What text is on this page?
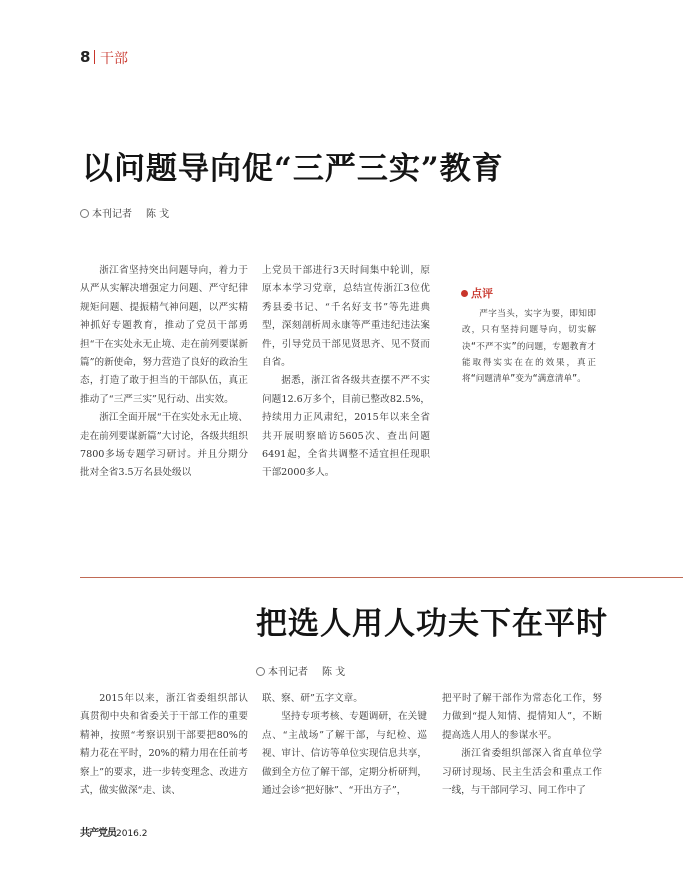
8 干部
以问题导向促“三严三实”教育
本刊记者 陈 戈

浙江省坚持突出问题导向，着力于从严从实解决增强定力问题、严守纪律规矩问题、提振精气神问题，以严实精神抓好专题教育，推动了党员干部勇担“干在实处永无止境、走在前列要谋新篇”的新使命，努力营造了良好的政治生态，打造了敢于担当的干部队伍，真正推动了“三严三实”见行动、出实效。

浙江全面开展“干在实处永无止境、走在前列要谋新篇”大讨论，各级共组织7800多场专题学习研讨。并且分期分批对全省3.5万名县处级以

上党员干部进行3天时间集中轮训，原原本本学习党章，总结宣传浙江3位优秀县委书记、“千名好支书”等先进典型，深刻剖析周永康等严重违纪违法案件，引导党员干部见贤思齐、见不贤而自省。

据悉，浙江省各级共查摆不严不实问题12.6万多个，目前已整改82.5%，持续用力正风肃纪，2015年以来全省共开展明察暗访5605次、查出问题6491起，全省共调整不适宜担任现职干部2000多人。

点评

严字当头，实字为要，即知即改，只有坚持问题导向，切实解决“不严不实”的问题，专题教育才能取得实实在在的效果，真正将“问题清单”变为“满意清单”。

把选人用人功夫下在平时
本刊记者 陈 戈

2015年以来，浙江省委组织部认真贯彻中央和省委关于干部工作的重要精神，按照“考察识别干部要把80%的精力花在平时，20%的精力用在任前考察上”的要求，进一步转变理念、改进方式，做实做深“走、读、

联、察、研”五字文章。

坚持专项考核、专题调研，在关键点、“主战场”了解干部，与纪检、巡视、审计、信访等单位实现信息共享，做到全方位了解干部，定期分析研判，通过会诊“把好脉”、“开出方子”，

把平时了解干部作为常态化工作，努力做到“提人知情、提情知人”，不断提高选人用人的参谋水平。

浙江省委组织部深入省直单位学习研讨现场、民主生活会和重点工作一线，与干部同学习、同工作中了

共产党员2016.2
